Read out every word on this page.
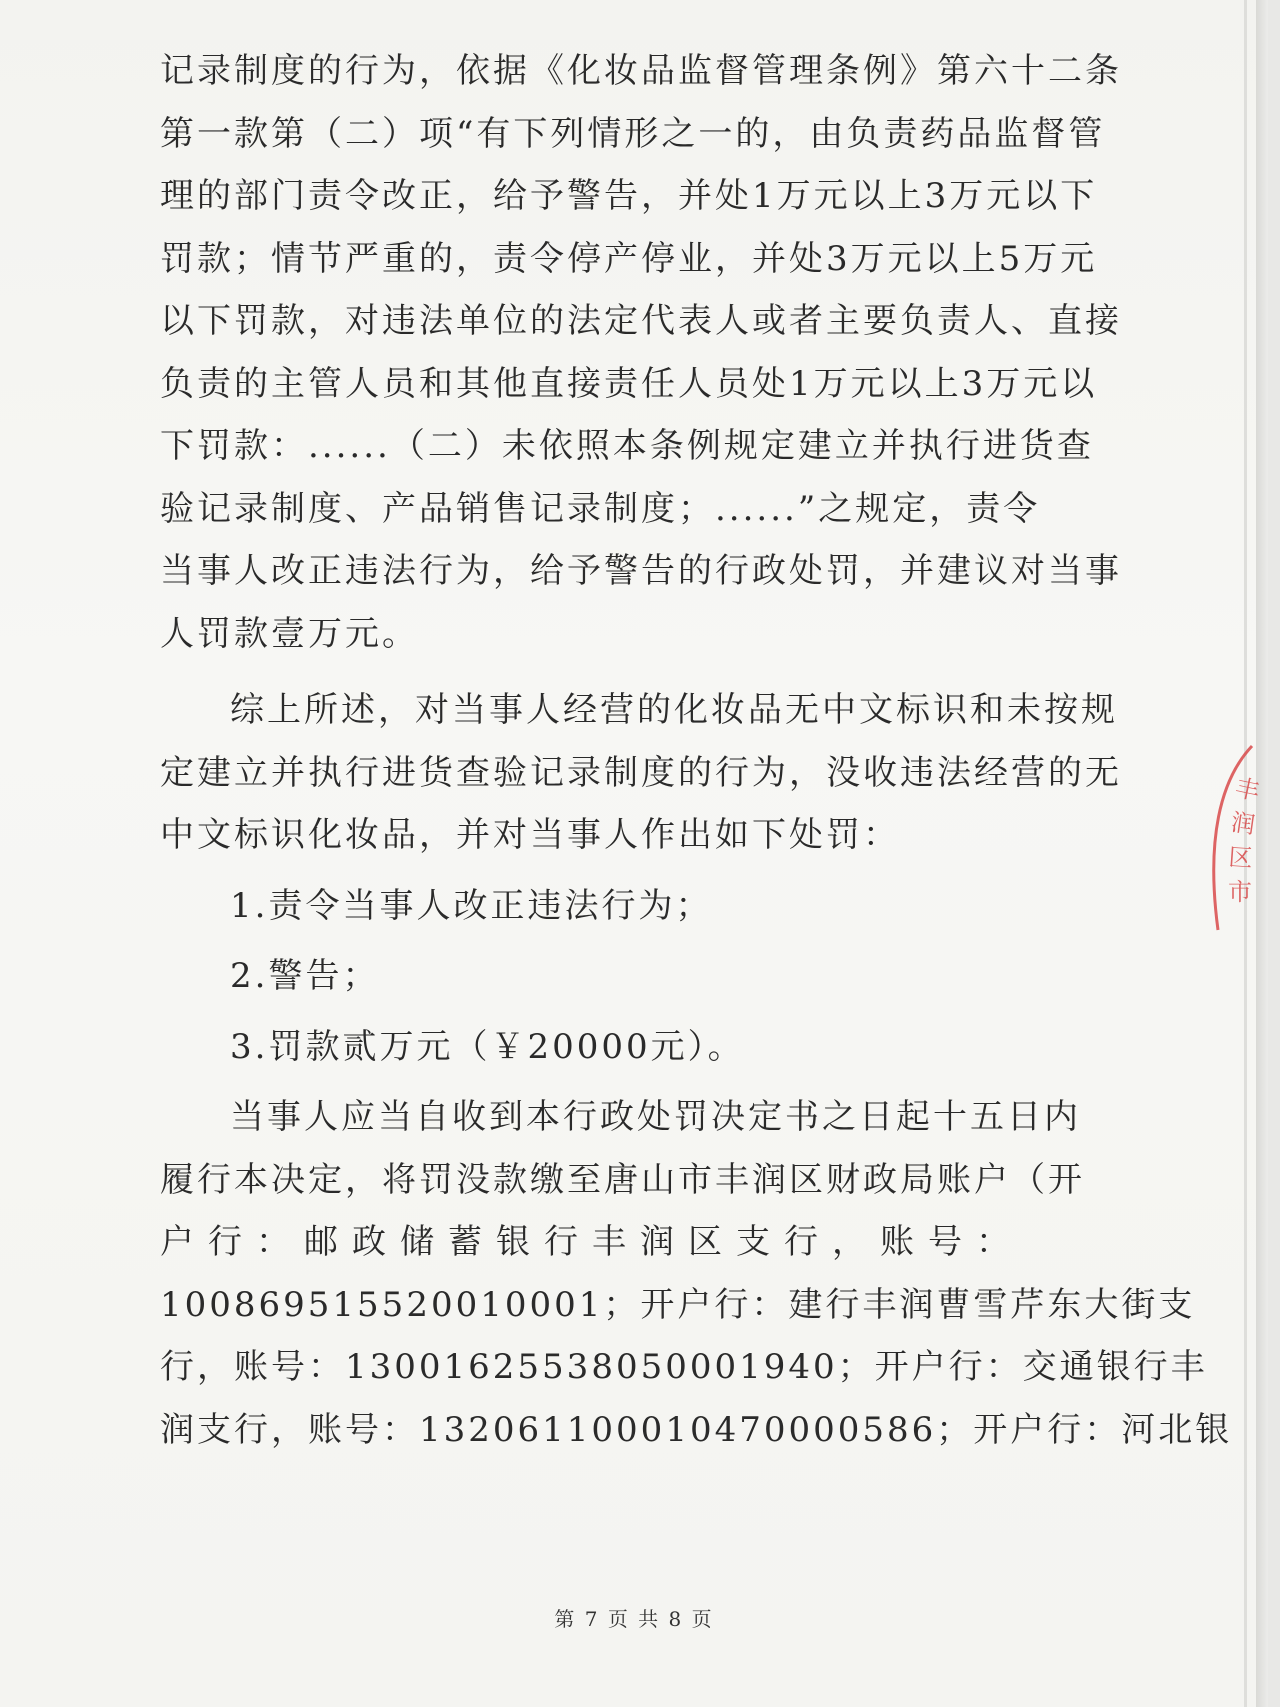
记录制度的行为，依据《化妆品监督管理条例》第六十二条
第一款第（二）项“有下列情形之一的，由负责药品监督管
理的部门责令改正，给予警告，并处1万元以上3万元以下
罚款；情节严重的，责令停产停业，并处3万元以上5万元
以下罚款，对违法单位的法定代表人或者主要负责人、直接
负责的主管人员和其他直接责任人员处1万元以上3万元以
下罚款：......（二）未依照本条例规定建立并执行进货查
验记录制度、产品销售记录制度；......”之规定，责令
当事人改正违法行为，给予警告的行政处罚，并建议对当事
人罚款壹万元。
综上所述，对当事人经营的化妆品无中文标识和未按规
定建立并执行进货查验记录制度的行为，没收违法经营的无
中文标识化妆品，并对当事人作出如下处罚：
1.责令当事人改正违法行为；
2.警告；
3.罚款贰万元（￥20000元）。
当事人应当自收到本行政处罚决定书之日起十五日内
履行本决定，将罚没款缴至唐山市丰润区财政局账户（开
户行：邮政储蓄银行丰润区支行，账号：
100869515520010001；开户行：建行丰润曹雪芹东大街支
行，账号：13001625538050001940；开户行：交通银行丰
润支行，账号：132061100010470000586；开户行：河北银
丰
润
区
市
第 7 页 共 8 页
